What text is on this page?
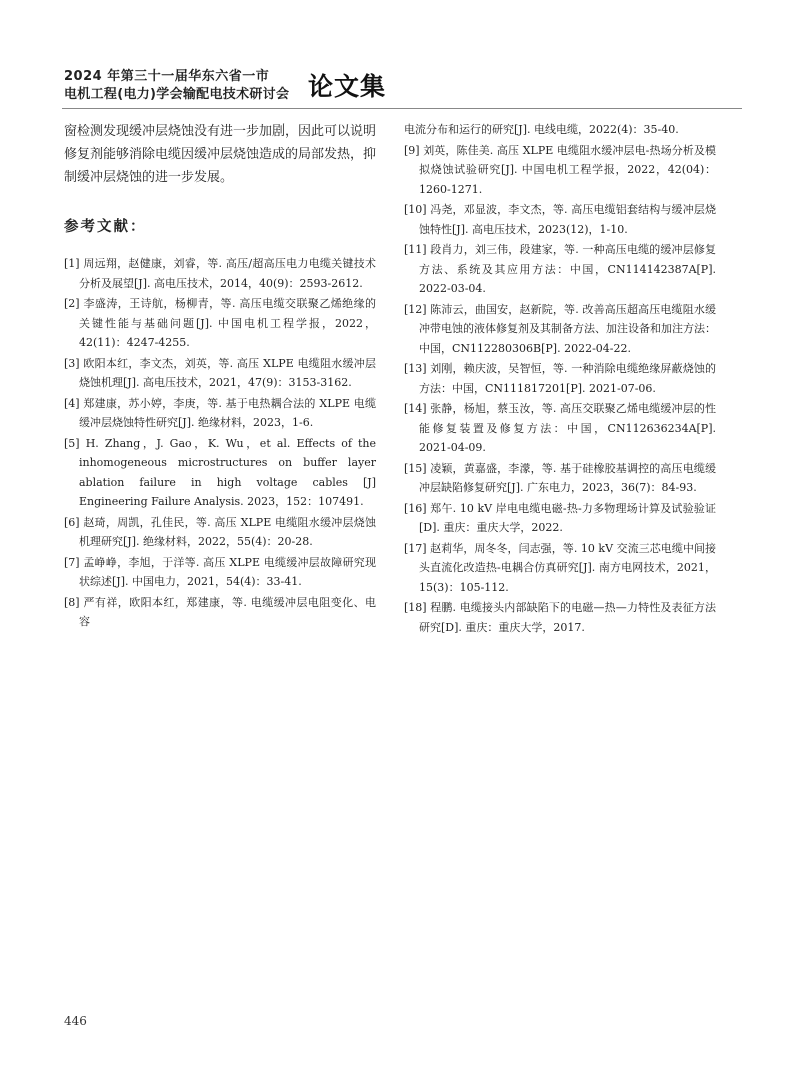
2024 年第三十一届华东六省一市
电机工程(电力)学会输配电技术研讨会 论文集

窗检测发现缓冲层烧蚀没有进一步加剧，因此可以说明修复剂能够消除电缆因缓冲层烧蚀造成的局部发热，抑制缓冲层烧蚀的进一步发展。

参考文献：
[1] 周远翔，赵健康，刘睿，等. 高压/超高压电力电缆关键技术分析及展望[J]. 高电压技术，2014，40(9)：2593-2612.
[2] 李盛涛，王诗航，杨柳青，等. 高压电缆交联聚乙烯绝缘的关键性能与基础问题[J]. 中国电机工程学报，2022，42(11)：4247-4255.
[3] 欧阳本红，李文杰，刘英，等. 高压 XLPE 电缆阻水缓冲层烧蚀机理[J]. 高电压技术，2021，47(9)：3153-3162.
[4] 郑建康，苏小婷，李庚，等. 基于电热耦合法的 XLPE 电缆缓冲层烧蚀特性研究[J]. 绝缘材料，2023，1-6.
[5] H. Zhang，J. Gao，K. Wu，et al. Effects of the inhomogeneous microstructures on buffer layer ablation failure in high voltage cables [J] Engineering Failure Analysis. 2023，152：107491.
[6] 赵琦，周凯，孔佳民，等. 高压 XLPE 电缆阻水缓冲层烧蚀机理研究[J]. 绝缘材料，2022，55(4)：20-28.
[7] 孟峥峥，李旭，于洋等. 高压 XLPE 电缆缓冲层故障研究现状综述[J]. 中国电力，2021，54(4)：33-41.
[8] 严有祥，欧阳本红，郑建康，等. 电缆缓冲层电阻变化、电容
电流分布和运行的研究[J]. 电线电缆，2022(4)：35-40.
[9] 刘英，陈佳美. 高压 XLPE 电缆阻水缓冲层电-热场分析及模拟烧蚀试验研究[J]. 中国电机工程学报，2022，42(04)：1260-1271.
[10] 冯尧，邓显波，李文杰，等. 高压电缆铝套结构与缓冲层烧蚀特性[J]. 高电压技术，2023(12)，1-10.
[11] 段肖力，刘三伟，段建家，等. 一种高压电缆的缓冲层修复方法、系统及其应用方法：中国，CN114142387A[P]. 2022-03-04.
[12] 陈沛云，曲国安，赵新院，等. 改善高压超高压电缆阻水缓冲带电蚀的液体修复剂及其制备方法、加注设备和加注方法：中国，CN112280306B[P]. 2022-04-22.
[13] 刘刚，赖庆波，吴智恒，等. 一种消除电缆绝缘屏蔽烧蚀的方法：中国，CN111817201[P]. 2021-07-06.
[14] 张静，杨旭，蔡玉汝，等. 高压交联聚乙烯电缆缓冲层的性能修复装置及修复方法：中国，CN112636234A[P]. 2021-04-09.
[15] 凌颖，黄嘉盛，李濛，等. 基于硅橡胶基调控的高压电缆缓冲层缺陷修复研究[J]. 广东电力，2023，36(7)：84-93.
[16] 郑午. 10 kV 岸电电缆电磁-热-力多物理场计算及试验验证[D]. 重庆：重庆大学，2022.
[17] 赵莉华，周冬冬，闫志强，等. 10 kV 交流三芯电缆中间接头直流化改造热-电耦合仿真研究[J]. 南方电网技术，2021，15(3)：105-112.
[18] 程鹏. 电缆接头内部缺陷下的电磁—热—力特性及表征方法研究[D]. 重庆：重庆大学，2017.
446
